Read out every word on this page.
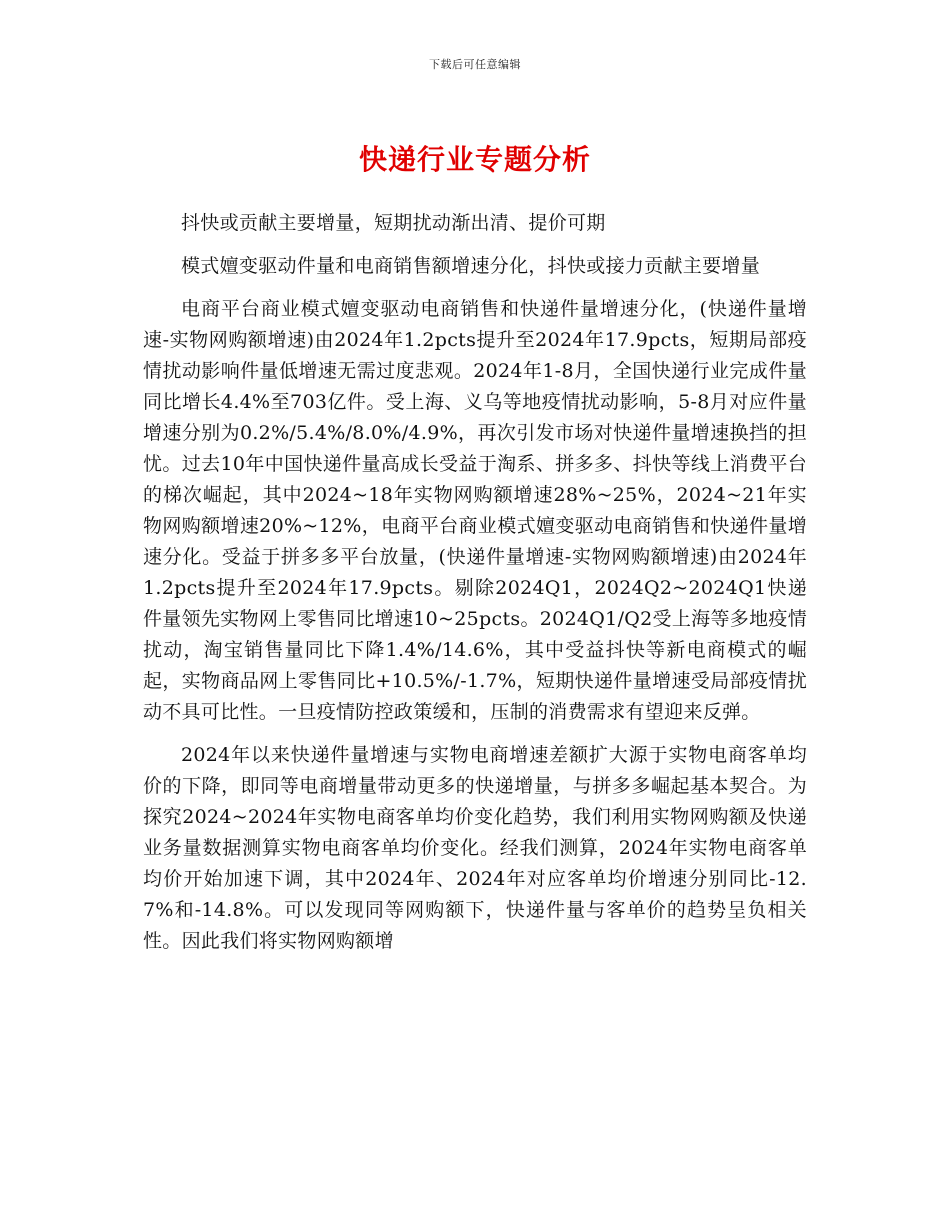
下载后可任意编辑
快递行业专题分析

抖快或贡献主要增量，短期扰动渐出清、提价可期

模式嬗变驱动件量和电商销售额增速分化，抖快或接力贡献主要增量

电商平台商业模式嬗变驱动电商销售和快递件量增速分化，(快递件量增速-实物网购额增速)由2024年1.2pcts提升至2024年17.9pcts，短期局部疫情扰动影响件量低增速无需过度悲观。2024年1-8月，全国快递行业完成件量同比增长4.4%至703亿件。受上海、义乌等地疫情扰动影响，5-8月对应件量增速分别为0.2%/5.4%/8.0%/4.9%，再次引发市场对快递件量增速换挡的担忧。过去10年中国快递件量高成长受益于淘系、拼多多、抖快等线上消费平台的梯次崛起，其中2024~18年实物网购额增速28%~25%，2024~21年实物网购额增速20%~12%，电商平台商业模式嬗变驱动电商销售和快递件量增速分化。受益于拼多多平台放量，(快递件量增速-实物网购额增速)由2024年1.2pcts提升至2024年17.9pcts。剔除2024Q1，2024Q2~2024Q1快递件量领先实物网上零售同比增速10~25pcts。2024Q1/Q2受上海等多地疫情扰动，淘宝销售量同比下降1.4%/14.6%，其中受益抖快等新电商模式的崛起，实物商品网上零售同比+10.5%/-1.7%，短期快递件量增速受局部疫情扰动不具可比性。一旦疫情防控政策缓和，压制的消费需求有望迎来反弹。

2024年以来快递件量增速与实物电商增速差额扩大源于实物电商客单均价的下降，即同等电商增量带动更多的快递增量，与拼多多崛起基本契合。为探究2024~2024年实物电商客单均价变化趋势，我们利用实物网购额及快递业务量数据测算实物电商客单均价变化。经我们测算，2024年实物电商客单均价开始加速下调，其中2024年、2024年对应客单均价增速分别同比-12.7%和-14.8%。可以发现同等网购额下，快递件量与客单价的趋势呈负相关性。因此我们将实物网购额增
